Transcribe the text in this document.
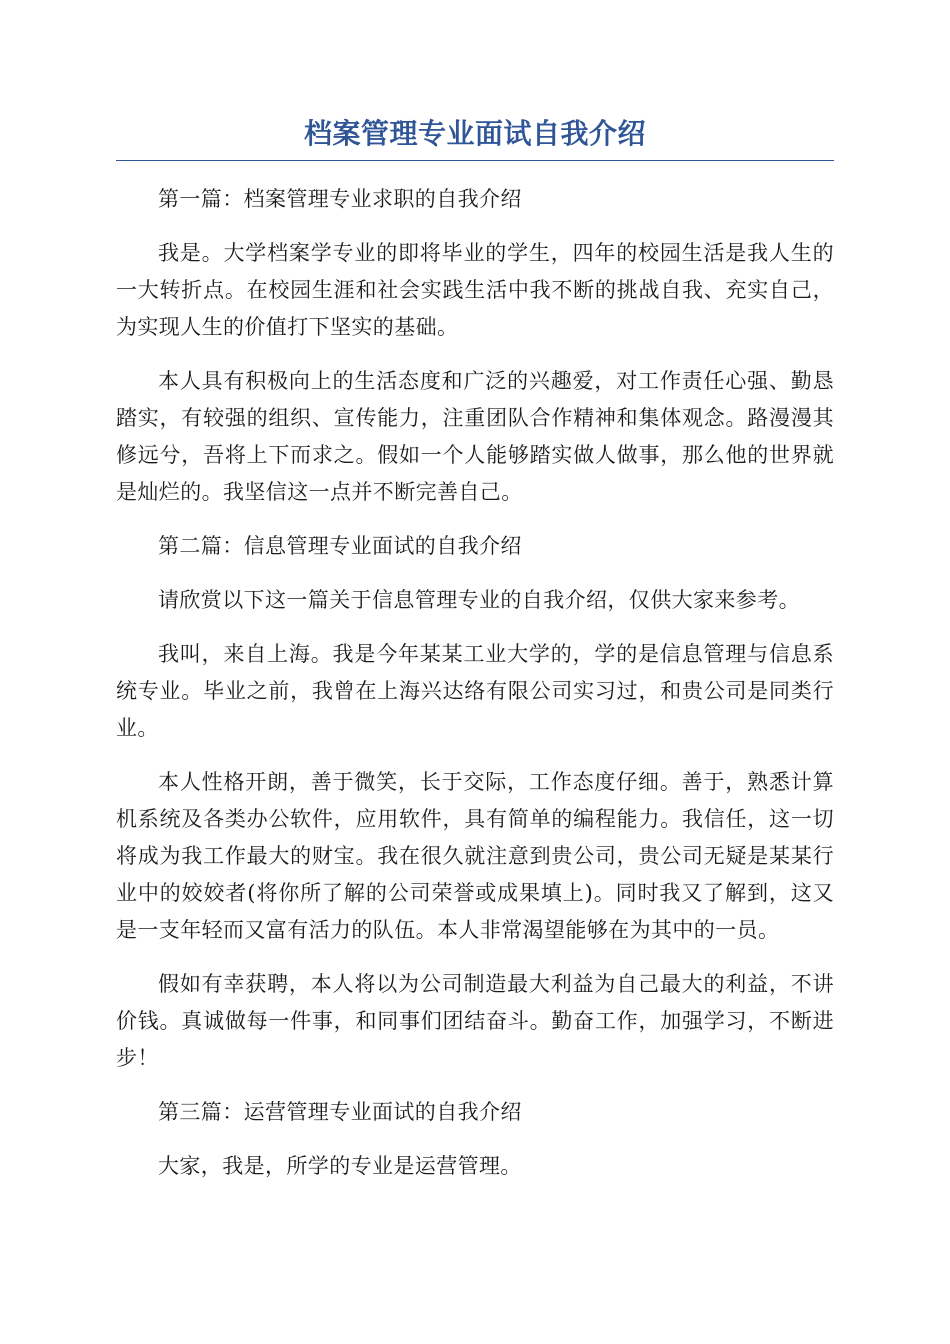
档案管理专业面试自我介绍

第一篇：档案管理专业求职的自我介绍

我是。大学档案学专业的即将毕业的学生，四年的校园生活是我人生的一大转折点。在校园生涯和社会实践生活中我不断的挑战自我、充实自己，为实现人生的价值打下坚实的基础。

本人具有积极向上的生活态度和广泛的兴趣爱，对工作责任心强、勤恳踏实，有较强的组织、宣传能力，注重团队合作精神和集体观念。路漫漫其修远兮，吾将上下而求之。假如一个人能够踏实做人做事，那么他的世界就是灿烂的。我坚信这一点并不断完善自己。

第二篇：信息管理专业面试的自我介绍

请欣赏以下这一篇关于信息管理专业的自我介绍，仅供大家来参考。

我叫，来自上海。我是今年某某工业大学的，学的是信息管理与信息系统专业。毕业之前，我曾在上海兴达络有限公司实习过，和贵公司是同类行业。

本人性格开朗，善于微笑，长于交际，工作态度仔细。善于，熟悉计算机系统及各类办公软件，应用软件，具有简单的编程能力。我信任，这一切将成为我工作最大的财宝。我在很久就注意到贵公司，贵公司无疑是某某行业中的姣姣者(将你所了解的公司荣誉或成果填上)。同时我又了解到，这又是一支年轻而又富有活力的队伍。本人非常渴望能够在为其中的一员。

假如有幸获聘，本人将以为公司制造最大利益为自己最大的利益，不讲价钱。真诚做每一件事，和同事们团结奋斗。勤奋工作，加强学习，不断进步！

第三篇：运营管理专业面试的自我介绍

大家，我是，所学的专业是运营管理。
